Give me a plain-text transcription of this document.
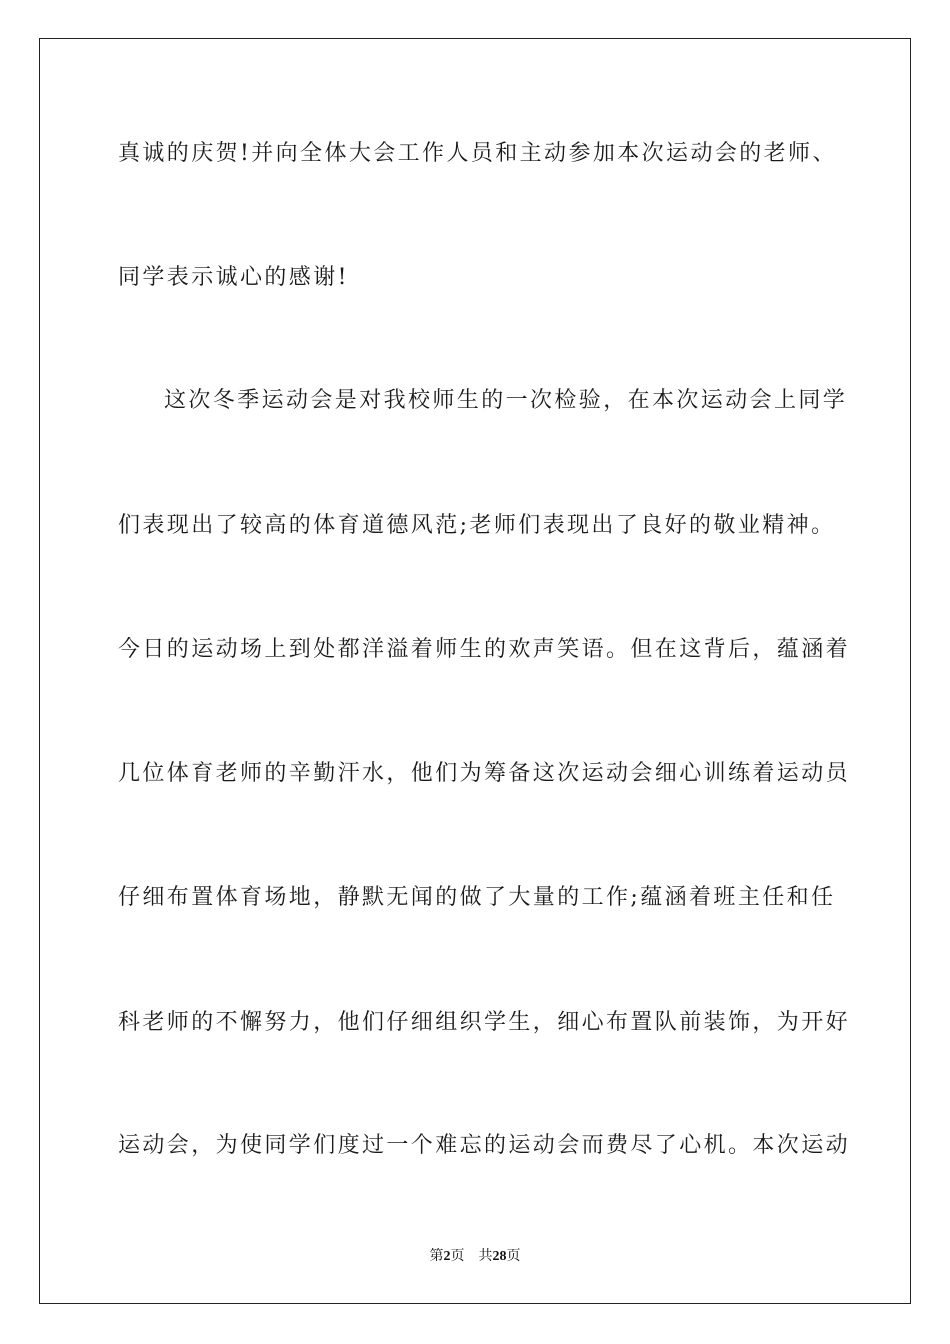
真诚的庆贺!并向全体大会工作人员和主动参加本次运动会的老师、
同学表示诚心的感谢!
这次冬季运动会是对我校师生的一次检验，在本次运动会上同学
们表现出了较高的体育道德风范;老师们表现出了良好的敬业精神。
今日的运动场上到处都洋溢着师生的欢声笑语。但在这背后，蕴涵着
几位体育老师的辛勤汗水，他们为筹备这次运动会细心训练着运动员
仔细布置体育场地，静默无闻的做了大量的工作;蕴涵着班主任和任
科老师的不懈努力，他们仔细组织学生，细心布置队前装饰，为开好
运动会，为使同学们度过一个难忘的运动会而费尽了心机。本次运动
第2页 共28页
